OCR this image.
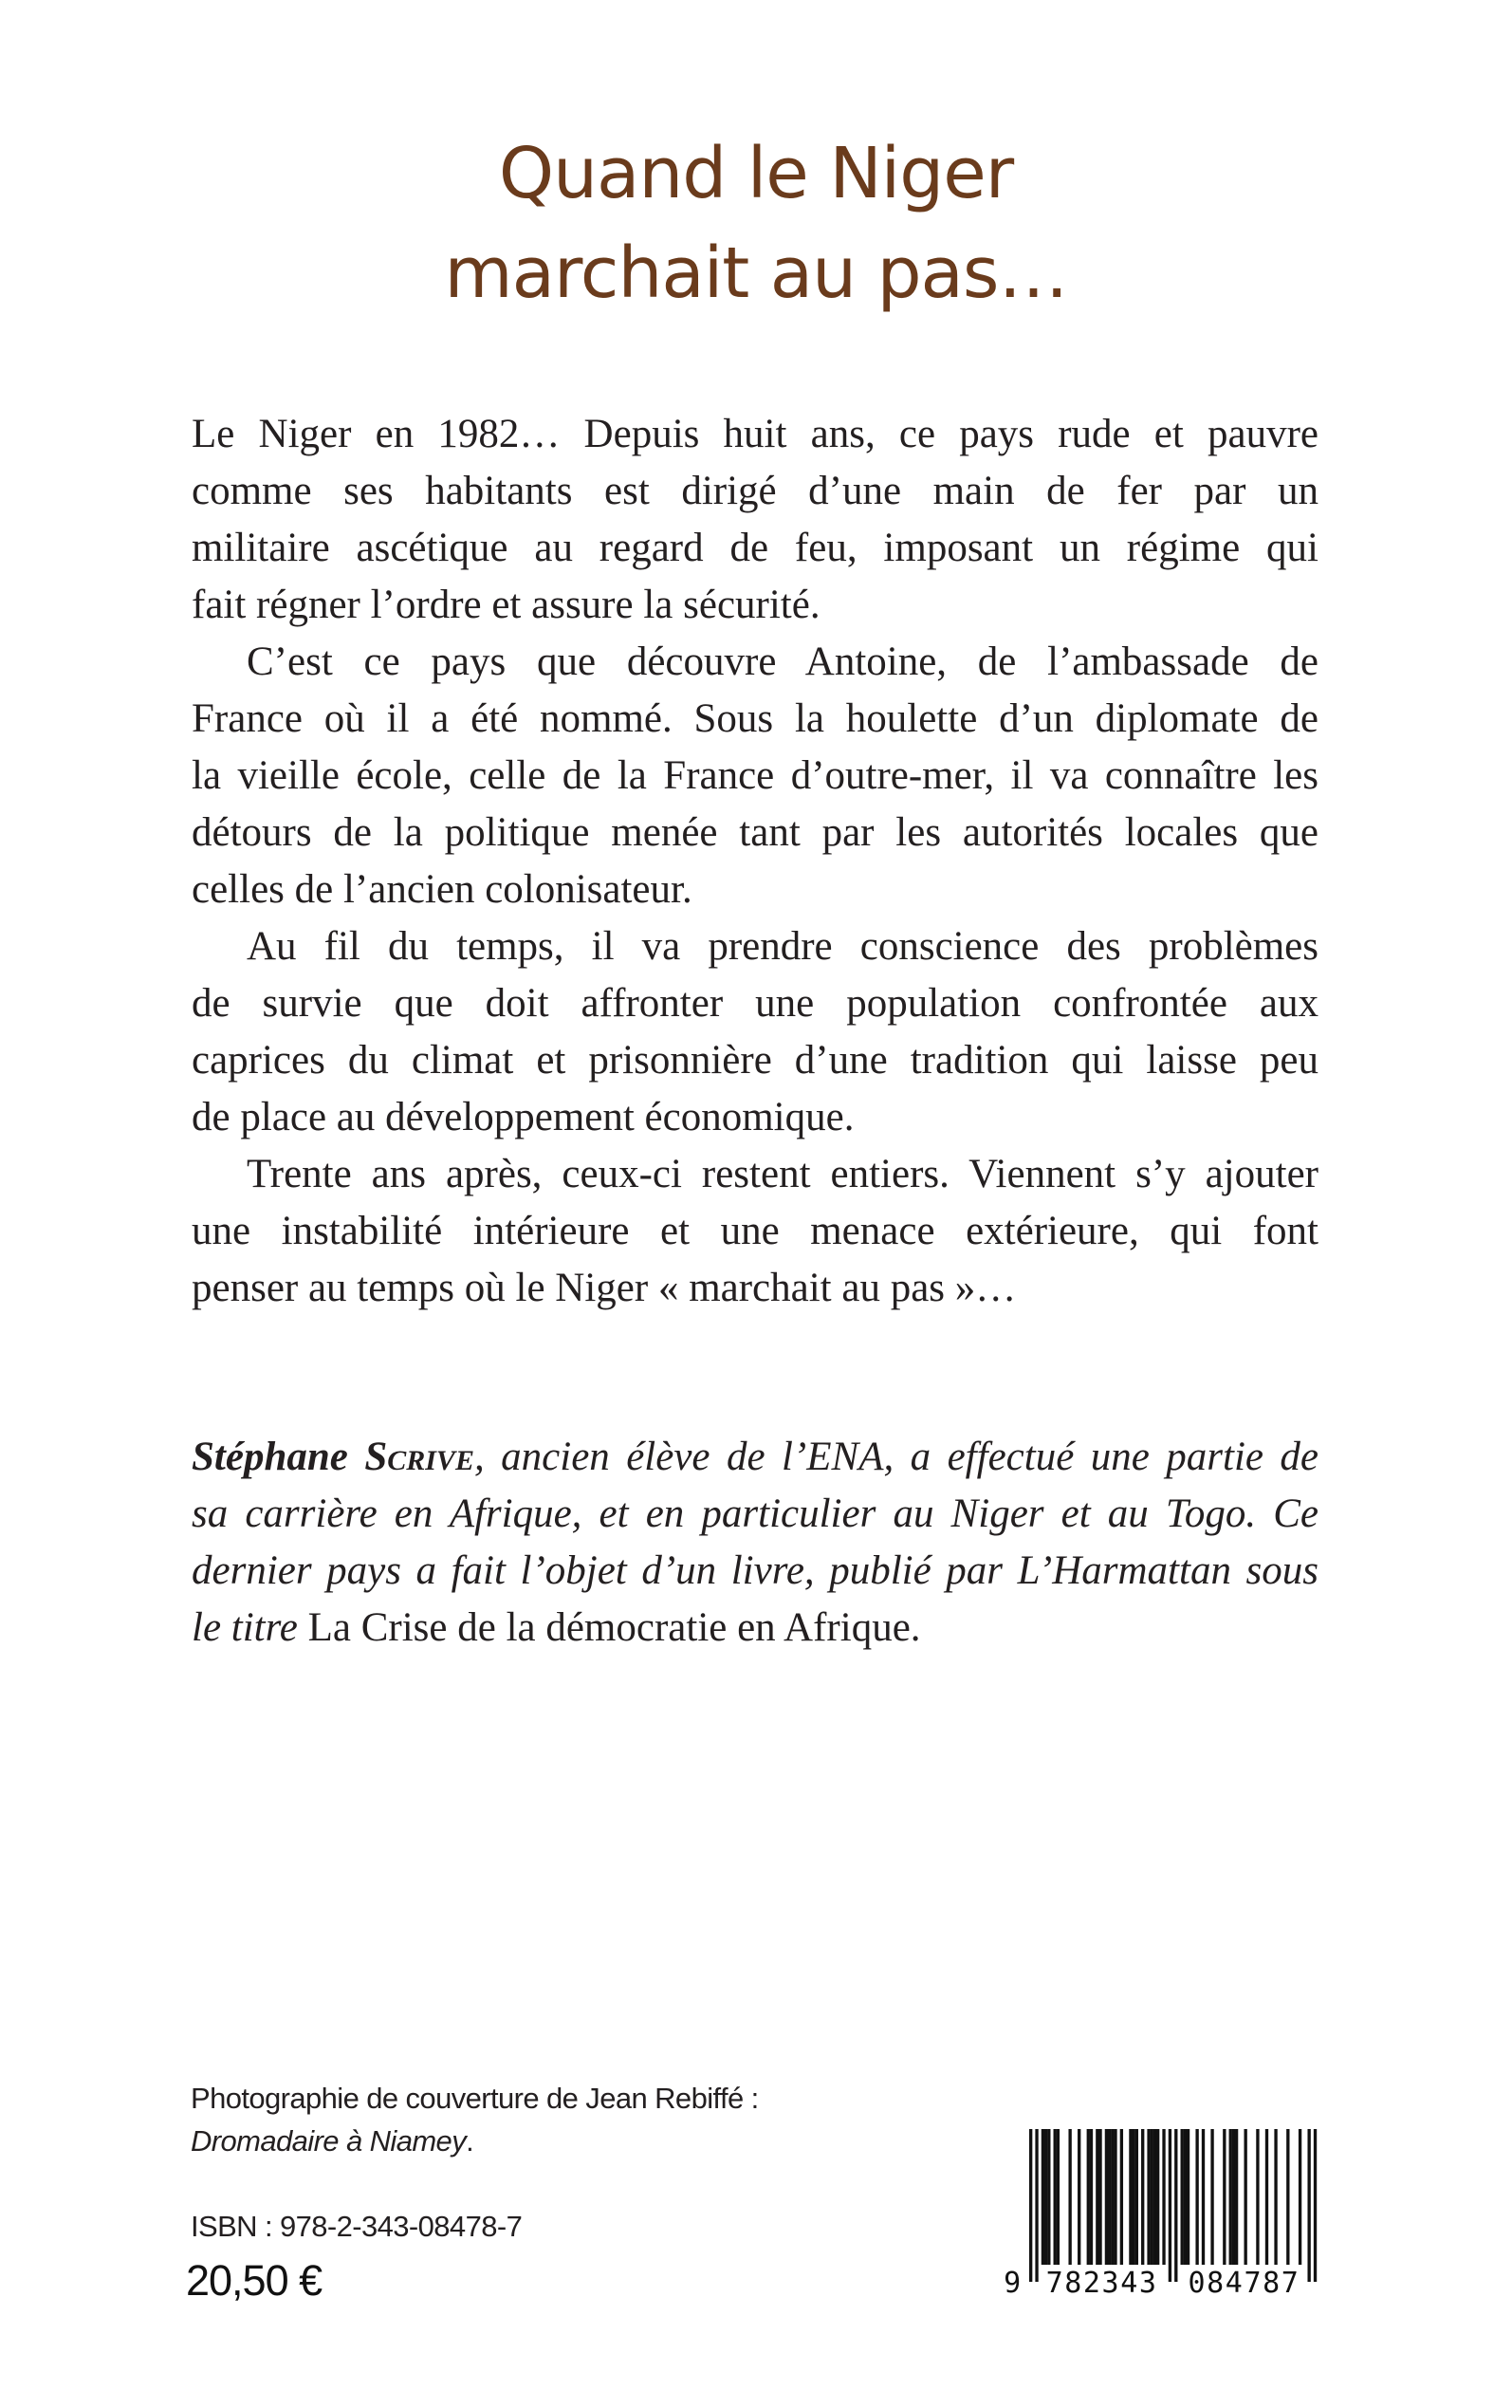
Quand le Niger
marchait au pas…
Le Niger en 1982… Depuis huit ans, ce pays rude et pauvre
comme ses habitants est dirigé d’une main de fer par un
militaire ascétique au regard de feu, imposant un régime qui
fait régner l’ordre et assure la sécurité.
C’est ce pays que découvre Antoine, de l’ambassade de
France où il a été nommé. Sous la houlette d’un diplomate de
la vieille école, celle de la France d’outre-mer, il va connaître les
détours de la politique menée tant par les autorités locales que
celles de l’ancien colonisateur.
Au fil du temps, il va prendre conscience des problèmes
de survie que doit affronter une population confrontée aux
caprices du climat et prisonnière d’une tradition qui laisse peu
de place au développement économique.
Trente ans après, ceux-ci restent entiers. Viennent s’y ajouter
une instabilité intérieure et une menace extérieure, qui font
penser au temps où le Niger « marchait au pas »…
Stéphane Scrive, ancien élève de l’ENA, a effectué une partie de
sa carrière en Afrique, et en particulier au Niger et au Togo. Ce
dernier pays a fait l’objet d’un livre, publié par L’Harmattan sous
le titre La Crise de la démocratie en Afrique.
Photographie de couverture de Jean Rebiffé :
Dromadaire à Niamey.
ISBN : 978-2-343-08478-7
20,50 €	9 782343 084787
